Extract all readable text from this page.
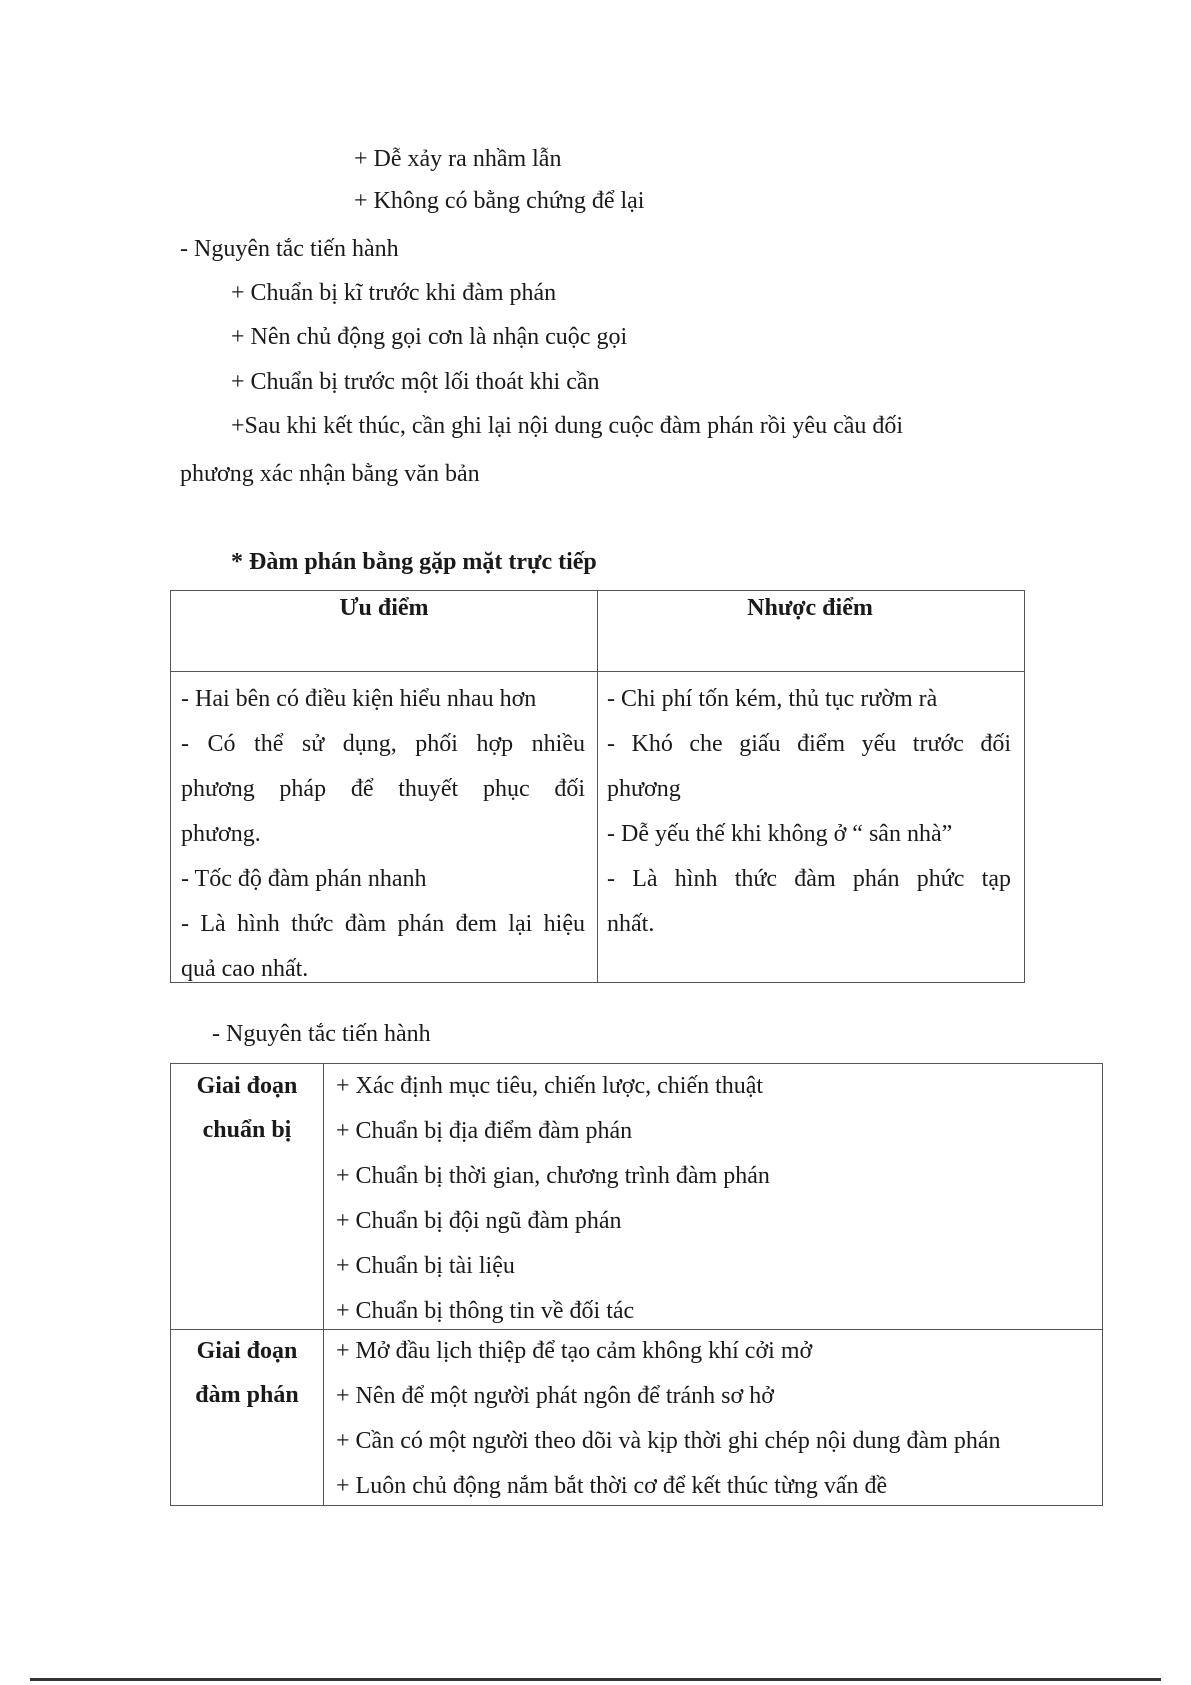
+ Dễ xảy ra nhầm lẫn
+ Không có bằng chứng để lại
- Nguyên tắc tiến hành
+ Chuẩn bị kĩ trước khi đàm phán
+ Nên chủ động gọi cơn là nhận cuộc gọi
+ Chuẩn bị trước một lối thoát khi cần
+Sau khi kết thúc, cần ghi lại nội dung cuộc đàm phán rồi yêu cầu đối
phương xác nhận bằng văn bản
* Đàm phán bằng gặp mặt trực tiếp
Ưu điểm	Nhược điểm
- Hai bên có điều kiện hiểu nhau hơn
- Có thể sử dụng, phối hợp nhiều
phương pháp để thuyết phục đối
phương.
- Tốc độ đàm phán nhanh
- Là hình thức đàm phán đem lại hiệu
quả cao nhất.
- Chi phí tốn kém, thủ tục rườm rà
- Khó che giấu điểm yếu trước đối
phương
- Dễ yếu thế khi không ở “ sân nhà”
- Là hình thức đàm phán phức tạp
nhất.
- Nguyên tắc tiến hành
Giai đoạn
chuẩn bị
+ Xác định mục tiêu, chiến lược, chiến thuật
+ Chuẩn bị địa điểm đàm phán
+ Chuẩn bị thời gian, chương trình đàm phán
+ Chuẩn bị đội ngũ đàm phán
+ Chuẩn bị tài liệu
+ Chuẩn bị thông tin về đối tác
Giai đoạn
đàm phán
+ Mở đầu lịch thiệp để tạo cảm không khí cởi mở
+ Nên để một người phát ngôn để tránh sơ hở
+ Cần có một người theo dõi và kịp thời ghi chép nội dung đàm phán
+ Luôn chủ động nắm bắt thời cơ để kết thúc từng vấn đề
